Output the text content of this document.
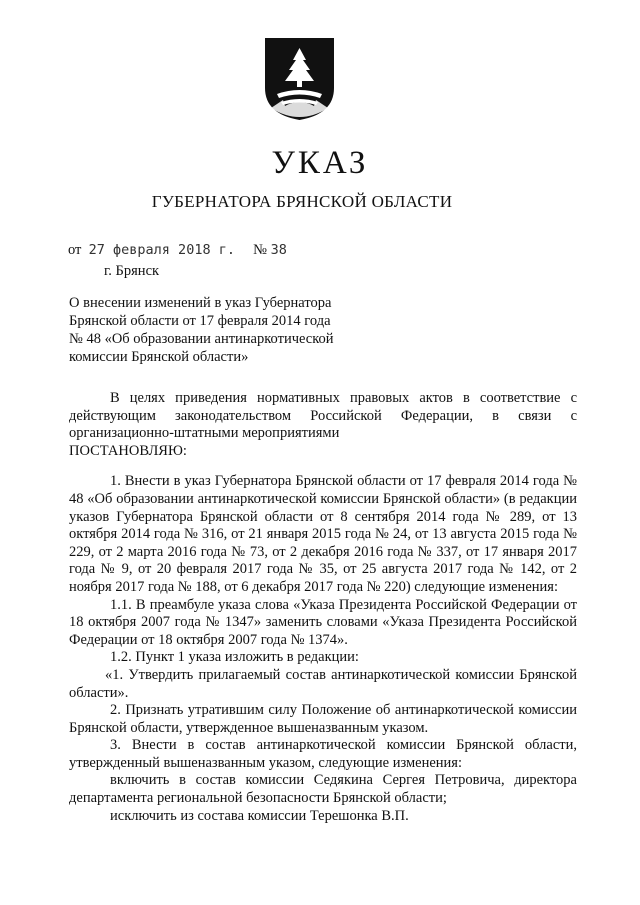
УКАЗ
ГУБЕРНАТОРА БРЯНСКОЙ ОБЛАСТИ
от 27 февраля 2018 г. № 38
г. Брянск
О внесении изменений в указ Губернатора
Брянской области от 17 февраля 2014 года
№ 48 «Об образовании антинаркотической
комиссии Брянской области»

В целях приведения нормативных правовых актов в соответствие с действующим законодательством Российской Федерации, в связи с организационно-штатными мероприятиями

ПОСТАНОВЛЯЮ:

1. Внести в указ Губернатора Брянской области от 17 февраля 2014 года № 48 «Об образовании антинаркотической комиссии Брянской области» (в редакции указов Губернатора Брянской области от 8 сентября 2014 года № 289, от 13 октября 2014 года № 316, от 21 января 2015 года № 24, от 13 августа 2015 года № 229, от 2 марта 2016 года № 73, от 2 декабря 2016 года № 337, от 17 января 2017 года № 9, от 20 февраля 2017 года № 35, от 25 августа 2017 года № 142, от 2 ноября 2017 года № 188, от 6 декабря 2017 года № 220) следующие изменения:

1.1. В преамбуле указа слова «Указа Президента Российской Федерации от 18 октября 2007 года № 1347» заменить словами «Указа Президента Российской Федерации от 18 октября 2007 года № 1374».

1.2. Пункт 1 указа изложить в редакции:

«1. Утвердить прилагаемый состав антинаркотической комиссии Брянской области».

2. Признать утратившим силу Положение об антинаркотической комиссии Брянской области, утвержденное вышеназванным указом.

3. Внести в состав антинаркотической комиссии Брянской области, утвержденный вышеназванным указом, следующие изменения:

включить в состав комиссии Седякина Сергея Петровича, директора департамента региональной безопасности Брянской области;

исключить из состава комиссии Терешонка В.П.
